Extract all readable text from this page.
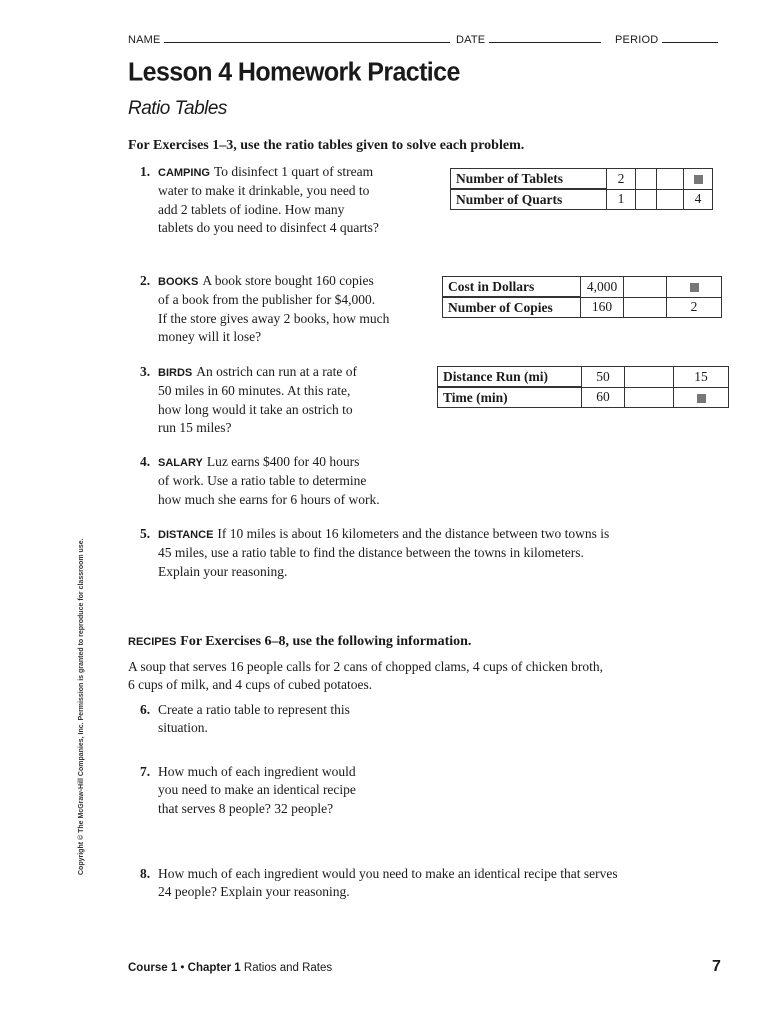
NAME	DATE	PERIOD
Lesson 4 Homework Practice
Ratio Tables
For Exercises 1–3, use the ratio tables given to solve each problem.
1. CAMPING To disinfect 1 quart of stream
water to make it drinkable, you need to
add 2 tablets of iodine. How many
tablets do you need to disinfect 4 quarts?
Number of Tablets	2			
Number of Quarts	1			4
2. BOOKS A book store bought 160 copies
of a book from the publisher for $4,000.
If the store gives away 2 books, how much
money will it lose?
Cost in Dollars	4,000		
Number of Copies	160		2
3. BIRDS An ostrich can run at a rate of
50 miles in 60 minutes. At this rate,
how long would it take an ostrich to
run 15 miles?
Distance Run (mi)	50		15
Time (min)	60		
4. SALARY Luz earns $400 for 40 hours
of work. Use a ratio table to determine
how much she earns for 6 hours of work.
5. DISTANCE If 10 miles is about 16 kilometers and the distance between two towns is
45 miles, use a ratio table to find the distance between the towns in kilometers.
Explain your reasoning.
RECIPES For Exercises 6–8, use the following information.
A soup that serves 16 people calls for 2 cans of chopped clams, 4 cups of chicken broth,
6 cups of milk, and 4 cups of cubed potatoes.
6. Create a ratio table to represent this
situation.
7. How much of each ingredient would
you need to make an identical recipe
that serves 8 people? 32 people?
8. How much of each ingredient would you need to make an identical recipe that serves
24 people? Explain your reasoning.
Copyright © The McGraw-Hill Companies, Inc. Permission is granted to reproduce for classroom use.
Course 1 • Chapter 1 Ratios and Rates	7
